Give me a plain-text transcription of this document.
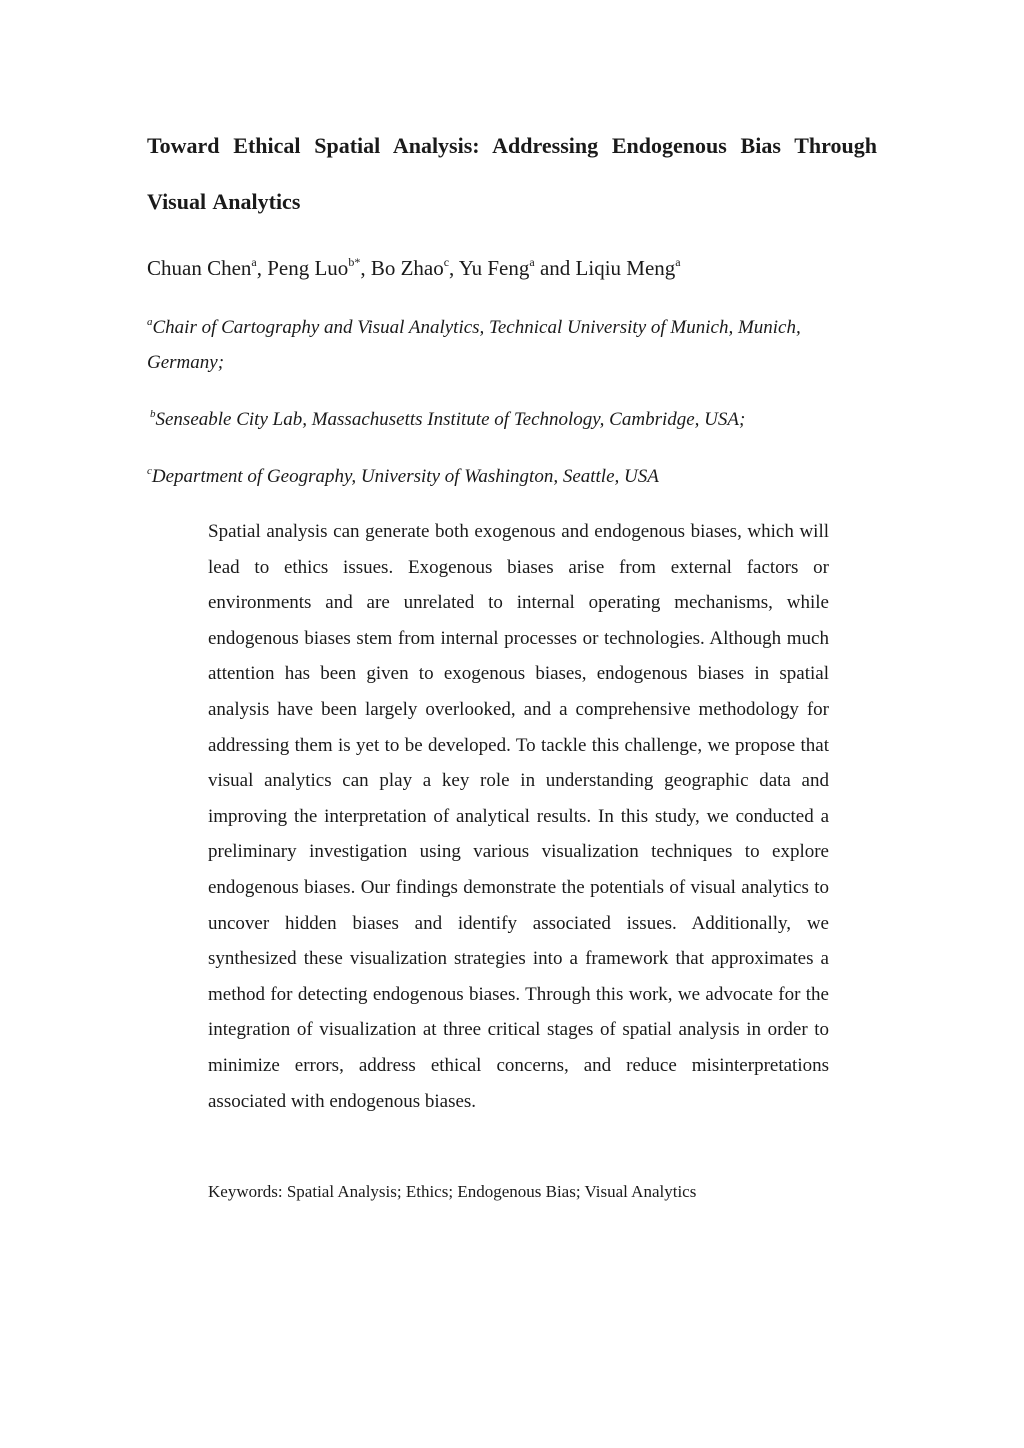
Toward Ethical Spatial Analysis: Addressing Endogenous Bias Through Visual Analytics

Chuan Chen$^a$, Peng Luo$^{b*}$, Bo Zhao$^c$, Yu Feng$^a$ and Liqiu Meng$^a$

$^a$Chair of Cartography and Visual Analytics, Technical University of Munich, Munich, Germany;

$^b$Senseable City Lab, Massachusetts Institute of Technology, Cambridge, USA;

$^c$Department of Geography, University of Washington, Seattle, USA

Spatial analysis can generate both exogenous and endogenous biases, which will lead to ethics issues. Exogenous biases arise from external factors or environments and are unrelated to internal operating mechanisms, while endogenous biases stem from internal processes or technologies. Although much attention has been given to exogenous biases, endogenous biases in spatial analysis have been largely overlooked, and a comprehensive methodology for addressing them is yet to be developed. To tackle this challenge, we propose that visual analytics can play a key role in understanding geographic data and improving the interpretation of analytical results. In this study, we conducted a preliminary investigation using various visualization techniques to explore endogenous biases. Our findings demonstrate the potentials of visual analytics to uncover hidden biases and identify associated issues. Additionally, we synthesized these visualization strategies into a framework that approximates a method for detecting endogenous biases. Through this work, we advocate for the integration of visualization at three critical stages of spatial analysis in order to minimize errors, address ethical concerns, and reduce misinterpretations associated with endogenous biases.

Keywords: Spatial Analysis; Ethics; Endogenous Bias; Visual Analytics
